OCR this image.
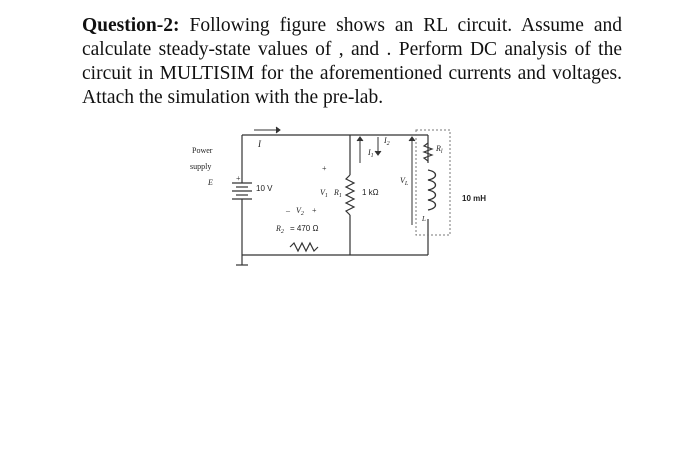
Question-2: Following figure shows an RL circuit. Assume and calculate steady-state values of , and . Perform DC analysis of the circuit in MULTISIM for the aforementioned currents and voltages. Attach the simulation with the pre-lab.
Power
supply
E
10 V
+
I
+
$V_1$ $R_1$	1 kΩ
$I_1$
$I_2$
$V_L$
$R_l$
L
10 mH
– $V_2$ +
$R_2 = 470$ Ω
